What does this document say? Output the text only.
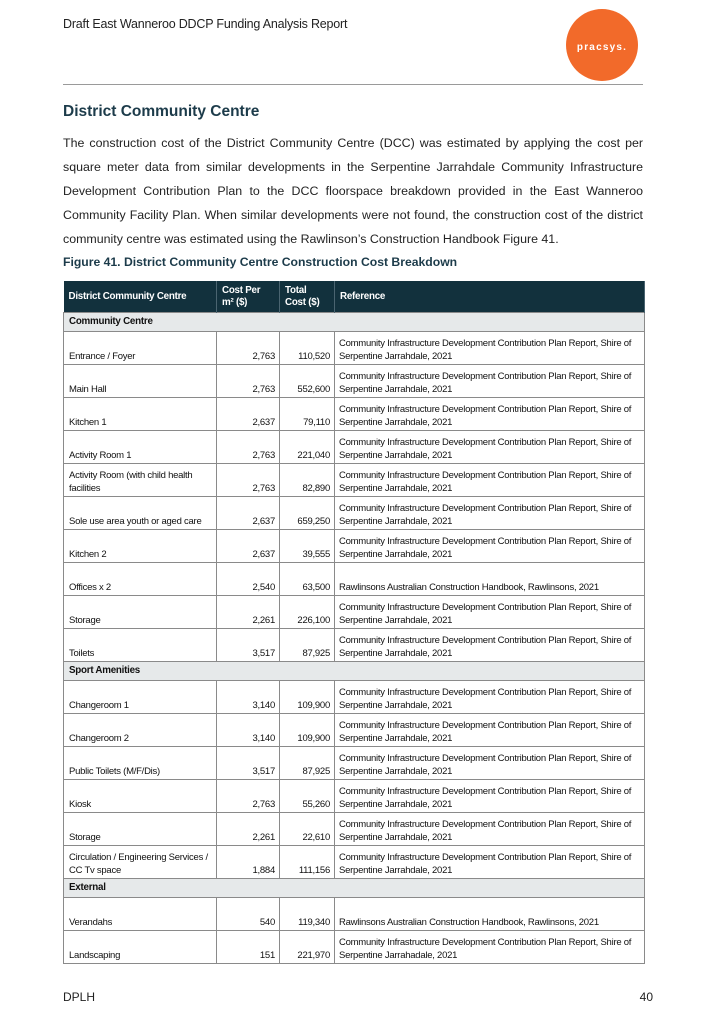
Draft East Wanneroo DDCP Funding Analysis Report
pracsys.
District Community Centre
The construction cost of the District Community Centre (DCC) was estimated by applying the cost per square meter data from similar developments in the Serpentine Jarrahdale Community Infrastructure Development Contribution Plan to the DCC floorspace breakdown provided in the East Wanneroo Community Facility Plan. When similar developments were not found, the construction cost of the district community centre was estimated using the Rawlinson’s Construction Handbook Figure 41.
Figure 41. District Community Centre Construction Cost Breakdown
District Community Centre	Cost Per m² ($)	Total Cost ($)	Reference
Community Centre			
Entrance / Foyer	2,763	110,520	Community Infrastructure Development Contribution Plan Report, Shire of Serpentine Jarrahdale, 2021
Main Hall	2,763	552,600	Community Infrastructure Development Contribution Plan Report, Shire of Serpentine Jarrahdale, 2021
Kitchen 1	2,637	79,110	Community Infrastructure Development Contribution Plan Report, Shire of Serpentine Jarrahdale, 2021
Activity Room 1	2,763	221,040	Community Infrastructure Development Contribution Plan Report, Shire of Serpentine Jarrahdale, 2021
Activity Room (with child health facilities	2,763	82,890	Community Infrastructure Development Contribution Plan Report, Shire of Serpentine Jarrahdale, 2021
Sole use area youth or aged care	2,637	659,250	Community Infrastructure Development Contribution Plan Report, Shire of Serpentine Jarrahdale, 2021
Kitchen 2	2,637	39,555	Community Infrastructure Development Contribution Plan Report, Shire of Serpentine Jarrahdale, 2021
Offices x 2	2,540	63,500	Rawlinsons Australian Construction Handbook, Rawlinsons, 2021
Storage	2,261	226,100	Community Infrastructure Development Contribution Plan Report, Shire of Serpentine Jarrahdale, 2021
Toilets	3,517	87,925	Community Infrastructure Development Contribution Plan Report, Shire of Serpentine Jarrahdale, 2021
Sport Amenities			
Changeroom 1	3,140	109,900	Community Infrastructure Development Contribution Plan Report, Shire of Serpentine Jarrahdale, 2021
Changeroom 2	3,140	109,900	Community Infrastructure Development Contribution Plan Report, Shire of Serpentine Jarrahdale, 2021
Public Toilets (M/F/Dis)	3,517	87,925	Community Infrastructure Development Contribution Plan Report, Shire of Serpentine Jarrahdale, 2021
Kiosk	2,763	55,260	Community Infrastructure Development Contribution Plan Report, Shire of Serpentine Jarrahdale, 2021
Storage	2,261	22,610	Community Infrastructure Development Contribution Plan Report, Shire of Serpentine Jarrahdale, 2021
Circulation / Engineering Services / CC Tv space	1,884	111,156	Community Infrastructure Development Contribution Plan Report, Shire of Serpentine Jarrahdale, 2021
External			
Verandahs	540	119,340	Rawlinsons Australian Construction Handbook, Rawlinsons, 2021
Landscaping	151	221,970	Community Infrastructure Development Contribution Plan Report, Shire of Serpentine Jarrahadale, 2021
DPLH	40
